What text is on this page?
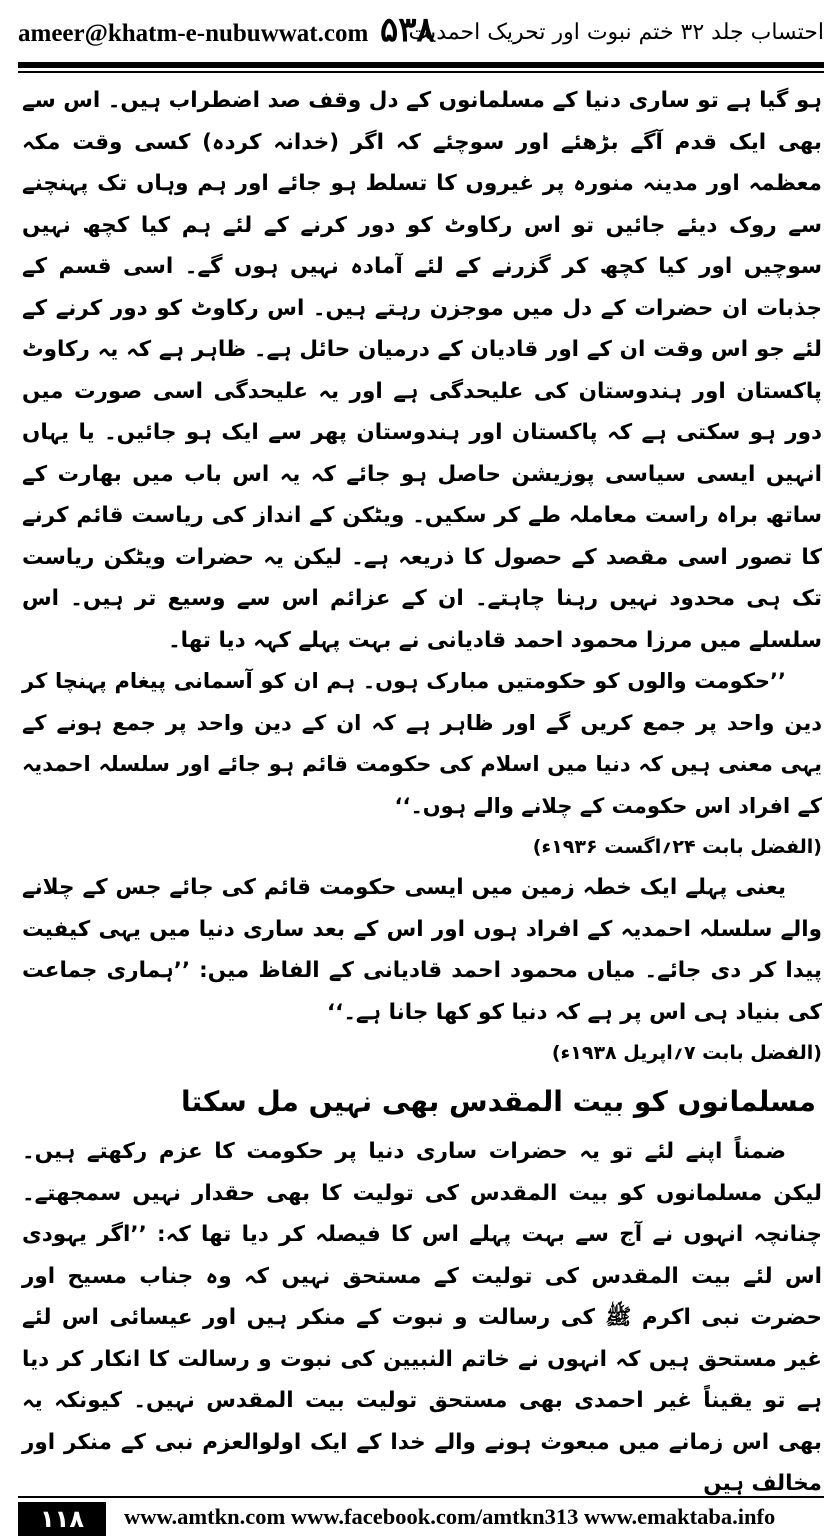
ameer@khatm-e-nubuwwat.com ۵۳۸
احتساب جلد ۳۲ ختم نبوت اور تحریک احمدیت

ہو گیا ہے تو ساری دنیا کے مسلمانوں کے دل وقف صد اضطراب ہیں۔ اس سے بھی ایک قدم آگے بڑھئے اور سوچئے کہ اگر (خدانہ کردہ) کسی وقت مکہ معظمہ اور مدینہ منورہ پر غیروں کا تسلط ہو جائے اور ہم وہاں تک پہنچنے سے روک دیئے جائیں تو اس رکاوٹ کو دور کرنے کے لئے ہم کیا کچھ نہیں سوچیں اور کیا کچھ کر گزرنے کے لئے آمادہ نہیں ہوں گے۔ اسی قسم کے جذبات ان حضرات کے دل میں موجزن رہتے ہیں۔ اس رکاوٹ کو دور کرنے کے لئے جو اس وقت ان کے اور قادیان کے درمیان حائل ہے۔ ظاہر ہے کہ یہ رکاوٹ پاکستان اور ہندوستان کی علیحدگی ہے اور یہ علیحدگی اسی صورت میں دور ہو سکتی ہے کہ پاکستان اور ہندوستان پھر سے ایک ہو جائیں۔ یا یہاں انہیں ایسی سیاسی پوزیشن حاصل ہو جائے کہ یہ اس باب میں بھارت کے ساتھ براہ راست معاملہ طے کر سکیں۔ ویٹکن کے انداز کی ریاست قائم کرنے کا تصور اسی مقصد کے حصول کا ذریعہ ہے۔ لیکن یہ حضرات ویٹکن ریاست تک ہی محدود نہیں رہنا چاہتے۔ ان کے عزائم اس سے وسیع تر ہیں۔ اس سلسلے میں مرزا محمود احمد قادیانی نے بہت پہلے کہہ دیا تھا۔

’’حکومت والوں کو حکومتیں مبارک ہوں۔ ہم ان کو آسمانی پیغام پہنچا کر دین واحد پر جمع کریں گے اور ظاہر ہے کہ ان کے دین واحد پر جمع ہونے کے یہی معنی ہیں کہ دنیا میں اسلام کی حکومت قائم ہو جائے اور سلسلہ احمدیہ کے افراد اس حکومت کے چلانے والے ہوں۔‘‘

(الفضل بابت ۲۴؍اگست ۱۹۳۶ء)

یعنی پہلے ایک خطہ زمین میں ایسی حکومت قائم کی جائے جس کے چلانے والے سلسلہ احمدیہ کے افراد ہوں اور اس کے بعد ساری دنیا میں یہی کیفیت پیدا کر دی جائے۔ میاں محمود احمد قادیانی کے الفاظ میں: ’’ہماری جماعت کی بنیاد ہی اس پر ہے کہ دنیا کو کھا جانا ہے۔‘‘

(الفضل بابت ۷؍اپریل ۱۹۳۸ء)

مسلمانوں کو بیت المقدس بھی نہیں مل سکتا

ضمناً اپنے لئے تو یہ حضرات ساری دنیا پر حکومت کا عزم رکھتے ہیں۔ لیکن مسلمانوں کو بیت المقدس کی تولیت کا بھی حقدار نہیں سمجھتے۔ چنانچہ انہوں نے آج سے بہت پہلے اس کا فیصلہ کر دیا تھا کہ: ’’اگر یہودی اس لئے بیت المقدس کی تولیت کے مستحق نہیں کہ وہ جناب مسیح اور حضرت نبی اکرم ﷺ کی رسالت و نبوت کے منکر ہیں اور عیسائی اس لئے غیر مستحق ہیں کہ انہوں نے خاتم النبیین کی نبوت و رسالت کا انکار کر دیا ہے تو یقیناً غیر احمدی بھی مستحق تولیت بیت المقدس نہیں۔ کیونکہ یہ بھی اس زمانے میں مبعوث ہونے والے خدا کے ایک اولوالعزم نبی کے منکر اور مخالف ہیں

۱۱۸	www.amtkn.com www.facebook.com/amtkn313 www.emaktaba.info
